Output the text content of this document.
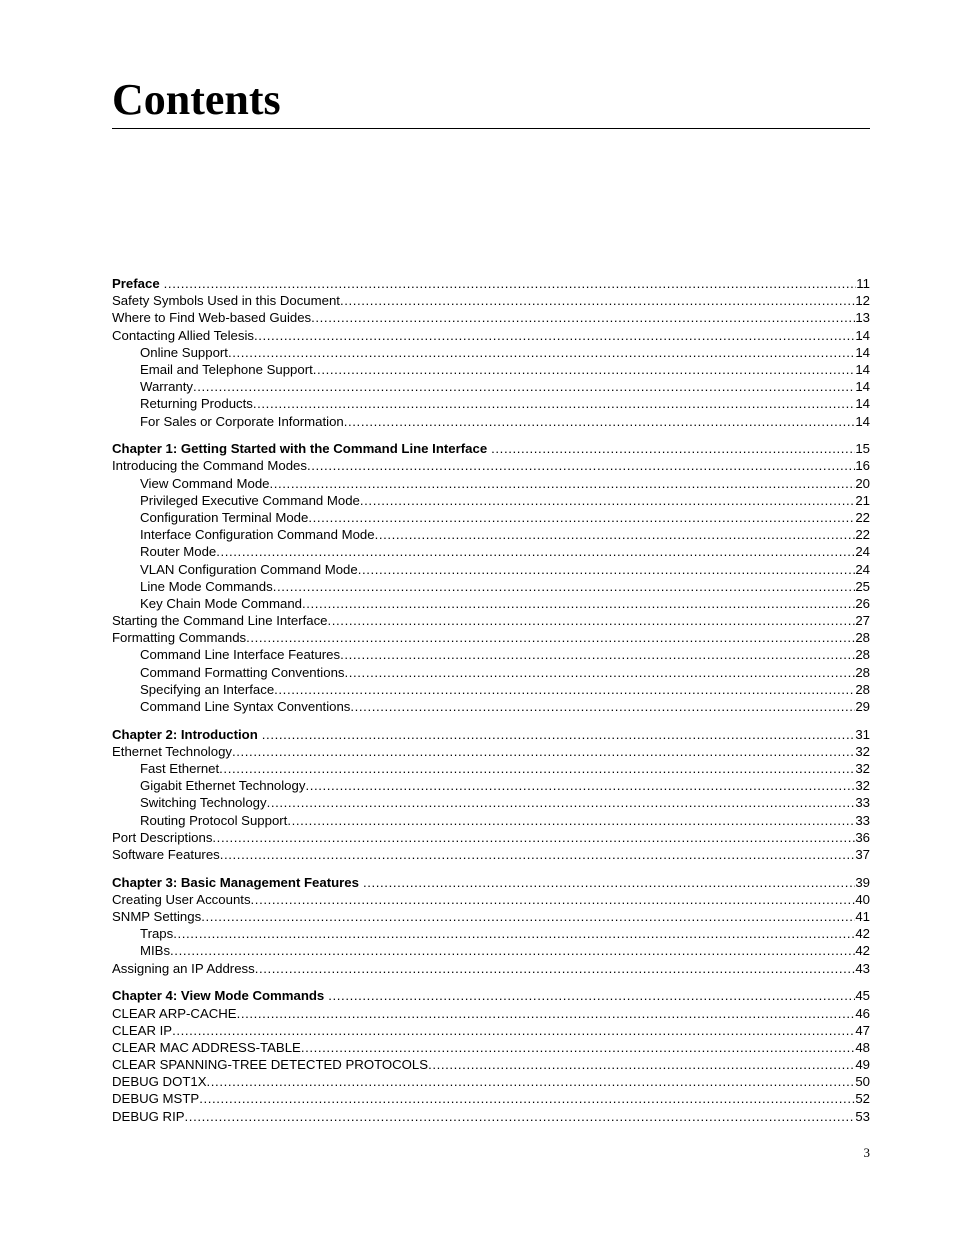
Contents
Preface .....	11
Safety Symbols Used in this Document .....	12
Where to Find Web-based Guides .....	13
Contacting Allied Telesis .....	14
Online Support .....	14
Email and Telephone Support .....	14
Warranty .....	14
Returning Products .....	14
For Sales or Corporate Information .....	14
Chapter 1: Getting Started with the Command Line Interface .....	15
Introducing the Command Modes .....	16
View Command Mode .....	20
Privileged Executive Command Mode .....	21
Configuration Terminal Mode .....	22
Interface Configuration Command Mode .....	22
Router Mode .....	24
VLAN Configuration Command Mode .....	24
Line Mode Commands .....	25
Key Chain Mode Command .....	26
Starting the Command Line Interface .....	27
Formatting Commands .....	28
Command Line Interface Features .....	28
Command Formatting Conventions .....	28
Specifying an Interface .....	28
Command Line Syntax Conventions .....	29
Chapter 2: Introduction .....	31
Ethernet Technology .....	32
Fast Ethernet .....	32
Gigabit Ethernet Technology .....	32
Switching Technology .....	33
Routing Protocol Support .....	33
Port Descriptions .....	36
Software Features .....	37
Chapter 3: Basic Management Features .....	39
Creating User Accounts .....	40
SNMP Settings .....	41
Traps .....	42
MIBs .....	42
Assigning an IP Address .....	43
Chapter 4: View Mode Commands .....	45
CLEAR ARP-CACHE .....	46
CLEAR IP .....	47
CLEAR MAC ADDRESS-TABLE .....	48
CLEAR SPANNING-TREE DETECTED PROTOCOLS .....	49
DEBUG DOT1X .....	50
DEBUG MSTP .....	52
DEBUG RIP .....	53
3
